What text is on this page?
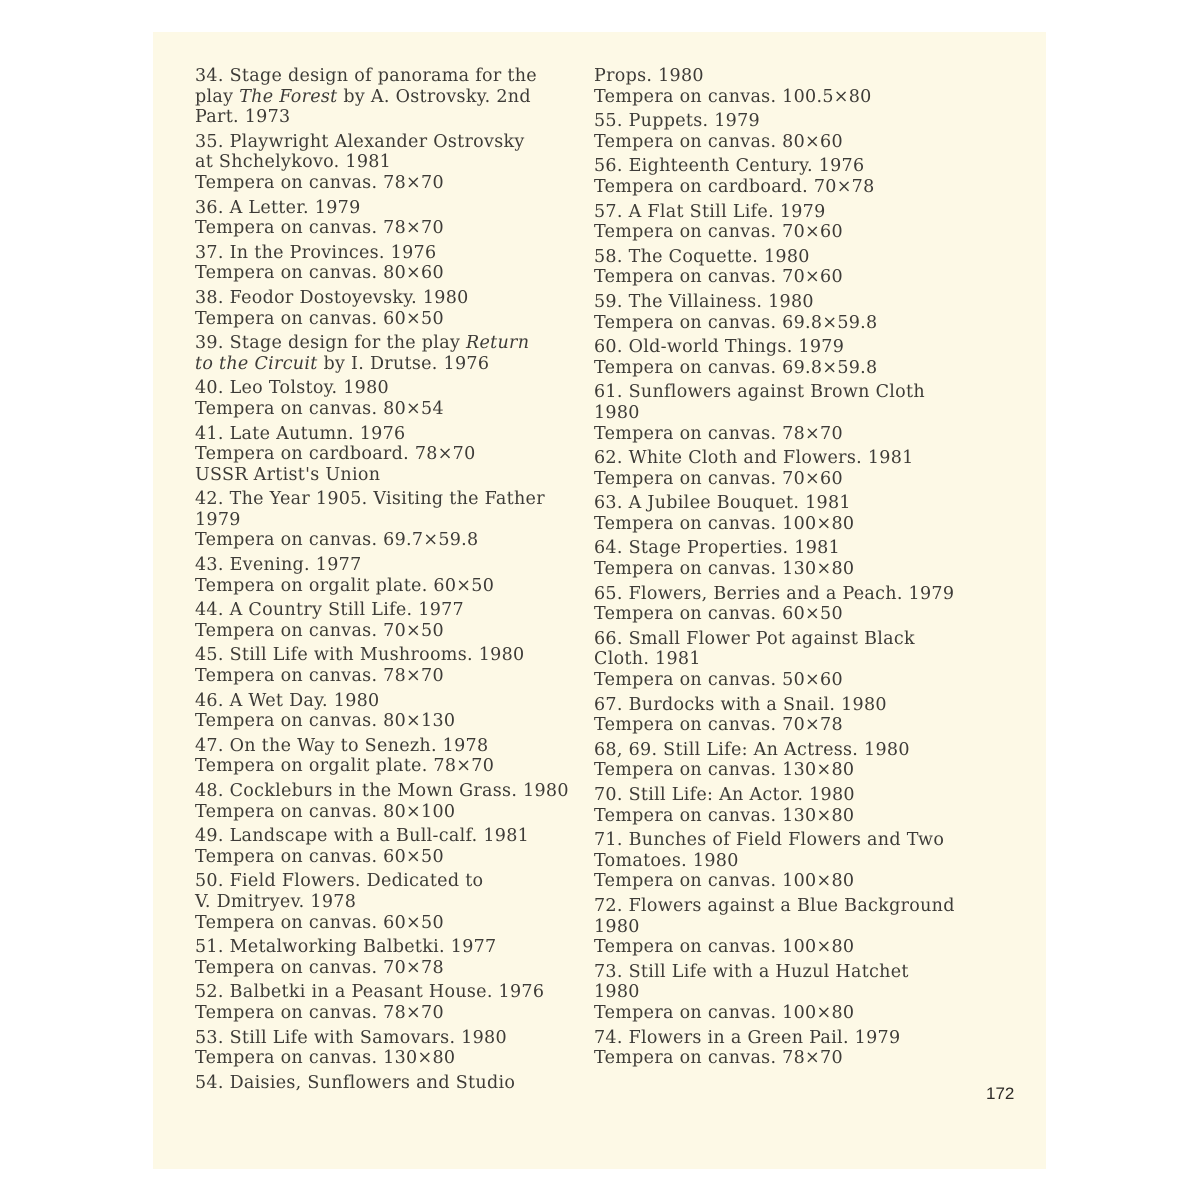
34. Stage design of panorama for the
play The Forest by A. Ostrovsky. 2nd
Part. 1973
35. Playwright Alexander Ostrovsky
at Shchelykovo. 1981
Tempera on canvas. 78×70
36. A Letter. 1979
Tempera on canvas. 78×70
37. In the Provinces. 1976
Tempera on canvas. 80×60
38. Feodor Dostoyevsky. 1980
Tempera on canvas. 60×50
39. Stage design for the play Return
to the Circuit by I. Drutse. 1976
40. Leo Tolstoy. 1980
Tempera on canvas. 80×54
41. Late Autumn. 1976
Tempera on cardboard. 78×70
USSR Artist's Union
42. The Year 1905. Visiting the Father
1979
Tempera on canvas. 69.7×59.8
43. Evening. 1977
Tempera on orgalit plate. 60×50
44. A Country Still Life. 1977
Tempera on canvas. 70×50
45. Still Life with Mushrooms. 1980
Tempera on canvas. 78×70
46. A Wet Day. 1980
Tempera on canvas. 80×130
47. On the Way to Senezh. 1978
Tempera on orgalit plate. 78×70
48. Cockleburs in the Mown Grass. 1980
Tempera on canvas. 80×100
49. Landscape with a Bull-calf. 1981
Tempera on canvas. 60×50
50. Field Flowers. Dedicated to
V. Dmitryev. 1978
Tempera on canvas. 60×50
51. Metalworking Balbetki. 1977
Tempera on canvas. 70×78
52. Balbetki in a Peasant House. 1976
Tempera on canvas. 78×70
53. Still Life with Samovars. 1980
Tempera on canvas. 130×80
54. Daisies, Sunflowers and Studio
Props. 1980
Tempera on canvas. 100.5×80
55. Puppets. 1979
Tempera on canvas. 80×60
56. Eighteenth Century. 1976
Tempera on cardboard. 70×78
57. A Flat Still Life. 1979
Tempera on canvas. 70×60
58. The Coquette. 1980
Tempera on canvas. 70×60
59. The Villainess. 1980
Tempera on canvas. 69.8×59.8
60. Old-world Things. 1979
Tempera on canvas. 69.8×59.8
61. Sunflowers against Brown Cloth
1980
Tempera on canvas. 78×70
62. White Cloth and Flowers. 1981
Tempera on canvas. 70×60
63. A Jubilee Bouquet. 1981
Tempera on canvas. 100×80
64. Stage Properties. 1981
Tempera on canvas. 130×80
65. Flowers, Berries and a Peach. 1979
Tempera on canvas. 60×50
66. Small Flower Pot against Black
Cloth. 1981
Tempera on canvas. 50×60
67. Burdocks with a Snail. 1980
Tempera on canvas. 70×78
68, 69. Still Life: An Actress. 1980
Tempera on canvas. 130×80
70. Still Life: An Actor. 1980
Tempera on canvas. 130×80
71. Bunches of Field Flowers and Two
Tomatoes. 1980
Tempera on canvas. 100×80
72. Flowers against a Blue Background
1980
Tempera on canvas. 100×80
73. Still Life with a Huzul Hatchet
1980
Tempera on canvas. 100×80
74. Flowers in a Green Pail. 1979
Tempera on canvas. 78×70
172
